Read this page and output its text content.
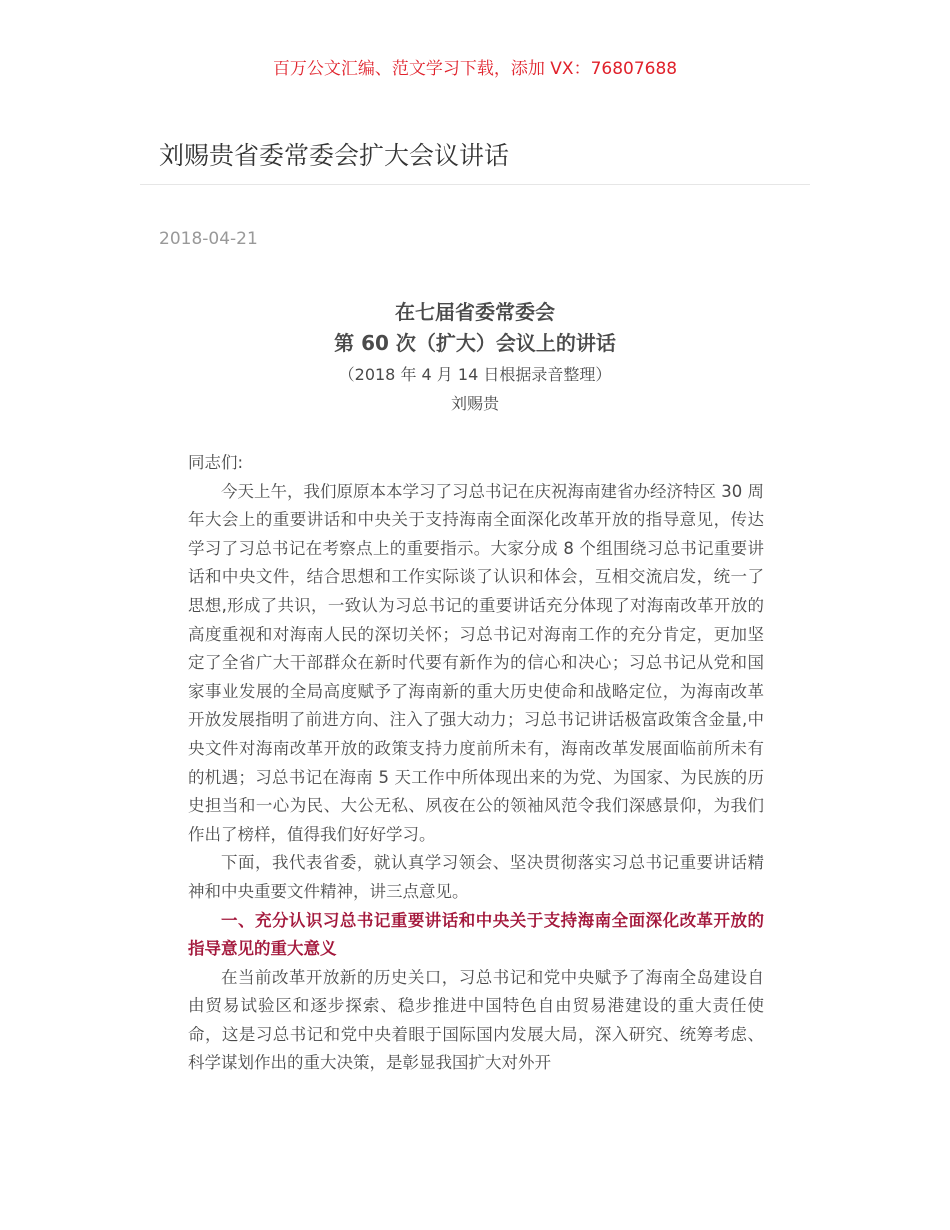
百万公文汇编、范文学习下载，添加 VX：76807688
刘赐贵省委常委会扩大会议讲话
2018-04-21
在七届省委常委会
第 60 次（扩大）会议上的讲话
（2018 年 4 月 14 日根据录音整理）
刘赐贵

同志们:

今天上午，我们原原本本学习了习总书记在庆祝海南建省办经济特区 30 周年大会上的重要讲话和中央关于支持海南全面深化改革开放的指导意见，传达学习了习总书记在考察点上的重要指示。大家分成 8 个组围绕习总书记重要讲话和中央文件，结合思想和工作实际谈了认识和体会，互相交流启发，统一了思想,形成了共识，一致认为习总书记的重要讲话充分体现了对海南改革开放的高度重视和对海南人民的深切关怀；习总书记对海南工作的充分肯定，更加坚定了全省广大干部群众在新时代要有新作为的信心和决心；习总书记从党和国家事业发展的全局高度赋予了海南新的重大历史使命和战略定位，为海南改革开放发展指明了前进方向、注入了强大动力；习总书记讲话极富政策含金量,中央文件对海南改革开放的政策支持力度前所未有，海南改革发展面临前所未有的机遇；习总书记在海南 5 天工作中所体现出来的为党、为国家、为民族的历史担当和一心为民、大公无私、夙夜在公的领袖风范令我们深感景仰，为我们作出了榜样，值得我们好好学习。

下面，我代表省委，就认真学习领会、坚决贯彻落实习总书记重要讲话精神和中央重要文件精神，讲三点意见。

一、充分认识习总书记重要讲话和中央关于支持海南全面深化改革开放的指导意见的重大意义

在当前改革开放新的历史关口，习总书记和党中央赋予了海南全岛建设自由贸易试验区和逐步探索、稳步推进中国特色自由贸易港建设的重大责任使命，这是习总书记和党中央着眼于国际国内发展大局，深入研究、统筹考虑、科学谋划作出的重大决策，是彰显我国扩大对外开
